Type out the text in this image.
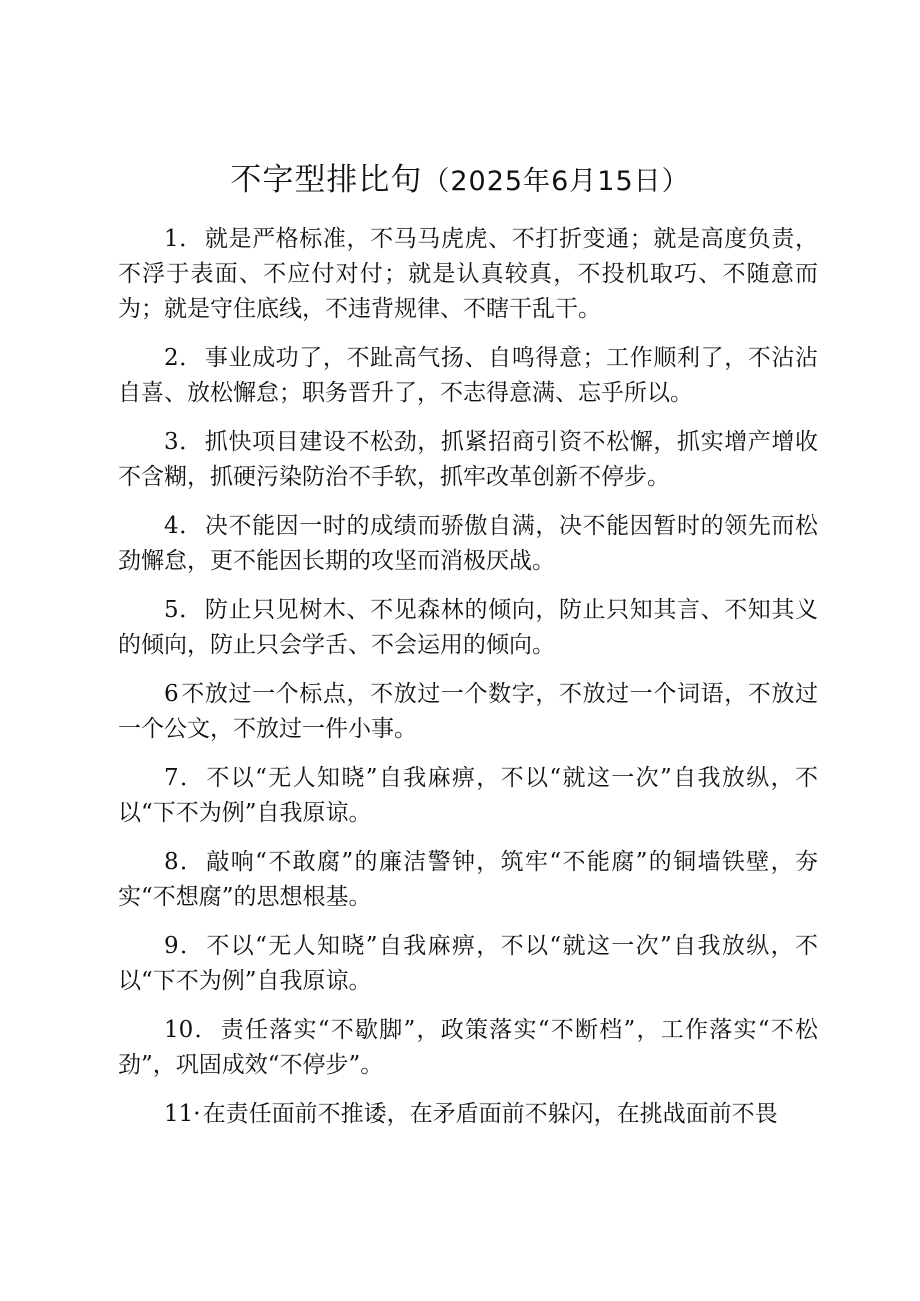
不字型排比句（2025年6月15日）

1．就是严格标准，不马马虎虎、不打折变通；就是高度负责，不浮于表面、不应付对付；就是认真较真，不投机取巧、不随意而为；就是守住底线，不违背规律、不瞎干乱干。

2．事业成功了，不趾高气扬、自鸣得意；工作顺利了，不沾沾自喜、放松懈怠；职务晋升了，不志得意满、忘乎所以。

3．抓快项目建设不松劲，抓紧招商引资不松懈，抓实增产增收不含糊，抓硬污染防治不手软，抓牢改革创新不停步。

4．决不能因一时的成绩而骄傲自满，决不能因暂时的领先而松劲懈怠，更不能因长期的攻坚而消极厌战。

5．防止只见树木、不见森林的倾向，防止只知其言、不知其义的倾向，防止只会学舌、不会运用的倾向。

6不放过一个标点，不放过一个数字，不放过一个词语，不放过一个公文，不放过一件小事。

7．不以“无人知晓”自我麻痹，不以“就这一次”自我放纵，不以“下不为例”自我原谅。

8．敲响“不敢腐”的廉洁警钟，筑牢“不能腐”的铜墙铁壁，夯实“不想腐”的思想根基。

9．不以“无人知晓”自我麻痹，不以“就这一次”自我放纵，不以“下不为例”自我原谅。

10．责任落实“不歇脚”，政策落实“不断档”，工作落实“不松劲”，巩固成效“不停步”。

11·在责任面前不推诿，在矛盾面前不躲闪，在挑战面前不畏
